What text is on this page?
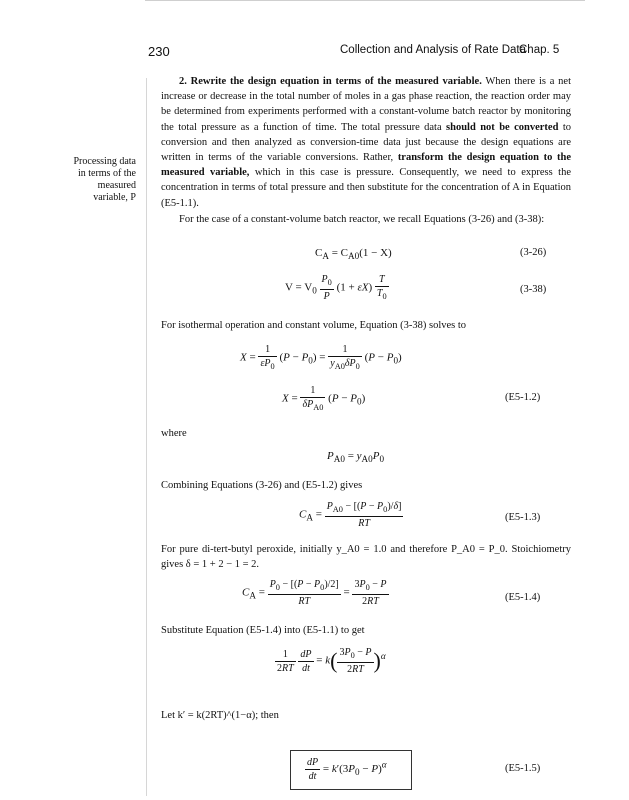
230	Collection and Analysis of Rate Data
Chap. 5
Processing data
in terms of the
measured
variable, P
2. Rewrite the design equation in terms of the measured variable. When there is a net increase or decrease in the total number of moles in a gas phase reaction, the reaction order may be determined from experiments performed with a constant-volume batch reactor by monitoring the total pressure as a function of time. The total pressure data should not be converted to conversion and then analyzed as conversion-time data just because the design equations are written in terms of the variable conversions. Rather, transform the design equation to the measured variable, which in this case is pressure. Consequently, we need to express the concentration in terms of total pressure and then substitute for the concentration of A in Equation (E5-1.1).
For the case of a constant-volume batch reactor, we recall Equations (3-26) and (3-38):
$C_A = C_{A0}(1 - X)$	(3-26)
$V = V_0 \frac{P_0}{P} (1 + \varepsilon X) \frac{T}{T_0}$	(3-38)
For isothermal operation and constant volume, Equation (3-38) solves to
$X = \frac{1}{\varepsilon P_0} (P - P_0) = \frac{1}{y_{A0}\delta P_0} (P - P_0)$
$X = \frac{1}{\delta P_{A0}} (P - P_0)$	(E5-1.2)
where
$P_{A0} = y_{A0}P_0$
Combining Equations (3-26) and (E5-1.2) gives
$C_A = \frac{P_{A0} - [(P - P_0)/\delta]}{RT}$	(E5-1.3)
For pure di-tert-butyl peroxide, initially y_A0 = 1.0 and therefore P_A0 = P_0. Stoichiometry gives δ = 1 + 2 − 1 = 2.
$C_A = \frac{P_0 - [(P - P_0)/2]}{RT} = \frac{3P_0 - P}{2RT}$	(E5-1.4)
Substitute Equation (E5-1.4) into (E5-1.1) to get
$\frac{1}{2RT}$
$\frac{dP}{dt} = k( \frac{3P_0 - P}{2RT} )^\alpha$
Let k′ = k(2RT)^(1−α); then
$\frac{dP}{dt} = k'(3P_0 - P)^\alpha$	(E5-1.5)
